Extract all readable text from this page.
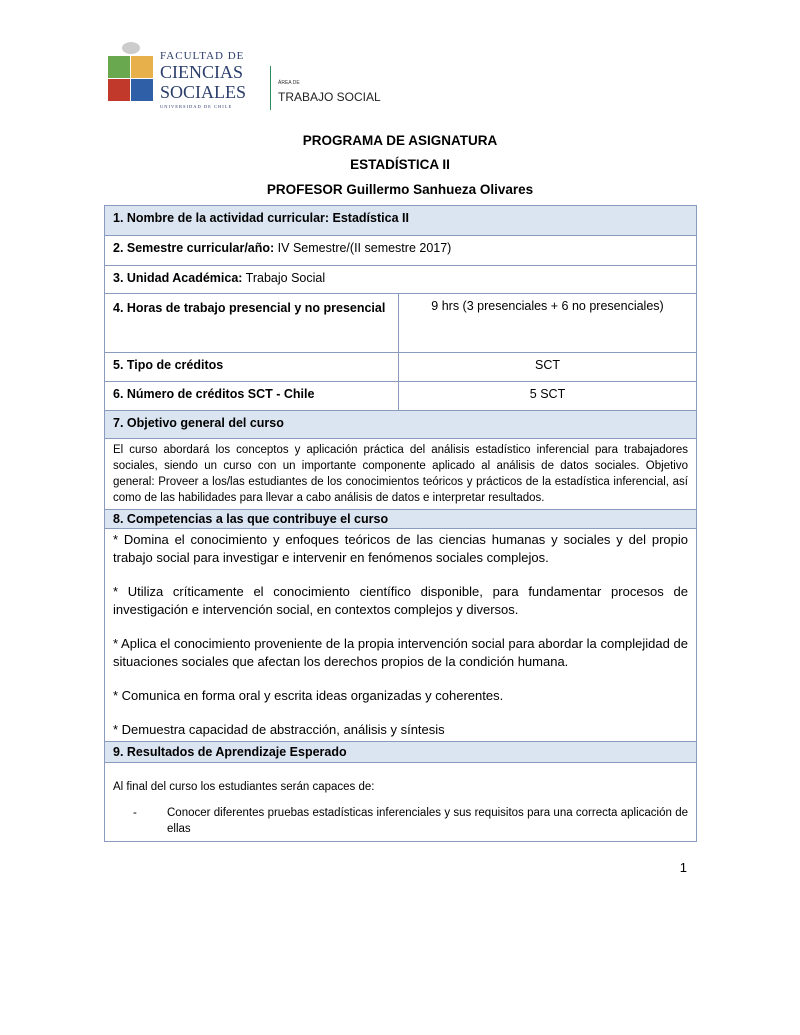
FACULTAD DE
CIENCIAS
SOCIALES
UNIVERSIDAD DE CHILE
ÁREA DE
TRABAJO SOCIAL
PROGRAMA DE ASIGNATURA
ESTADÍSTICA II
PROFESOR Guillermo Sanhueza Olivares
1. Nombre de la actividad curricular: Estadística II	
2. Semestre curricular/año: IV Semestre/(II semestre 2017)	
3. Unidad Académica: Trabajo Social	
4. Horas de trabajo presencial y no presencial	9 hrs (3 presenciales + 6 no presenciales)
5. Tipo de créditos	SCT
6. Número de créditos SCT - Chile	5 SCT
7. Objetivo general del curso	
El curso abordará los conceptos y aplicación práctica del análisis estadístico inferencial para trabajadores sociales, siendo un curso con un importante componente aplicado al análisis de datos sociales. Objetivo general: Proveer a los/las estudiantes de los conocimientos teóricos y prácticos de la estadística inferencial, así como de las habilidades para llevar a cabo análisis de datos e interpretar resultados.	
8. Competencias a las que contribuye el curso	

* Domina el conocimiento y enfoques teóricos de las ciencias humanas y sociales y del propio trabajo social para investigar e intervenir en fenómenos sociales complejos.

* Utiliza críticamente el conocimiento científico disponible, para fundamentar procesos de investigación e intervención social, en contextos complejos y diversos.

* Aplica el conocimiento proveniente de la propia intervención social para abordar la complejidad de situaciones sociales que afectan los derechos propios de la condición humana.

* Comunica en forma oral y escrita ideas organizadas y coherentes.

* Demuestra capacidad de abstracción, análisis y síntesis	

9. Resultados de Aprendizaje Esperado	

Al final del curso los estudiantes serán capaces de:
- Conocer diferentes pruebas estadísticas inferenciales y sus requisitos para una correcta aplicación de ellas	
1
